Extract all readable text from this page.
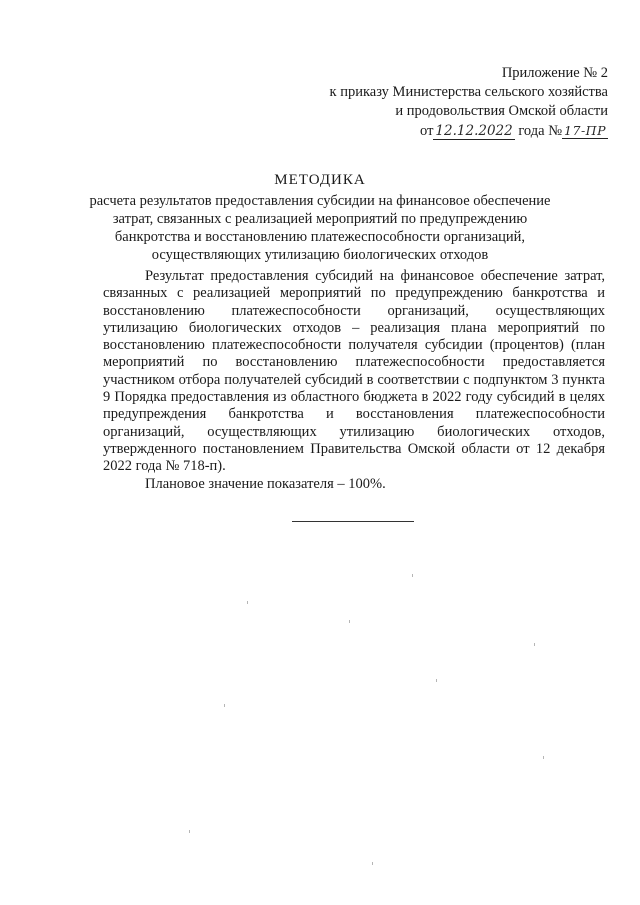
Приложение № 2
к приказу Министерства сельского хозяйства
и продовольствия Омской области
от 12.12.2022 года № 17-ПР
МЕТОДИКА
расчета результатов предоставления субсидии на финансовое обеспечение
затрат, связанных с реализацией мероприятий по предупреждению
банкротства и восстановлению платежеспособности организаций,
осуществляющих утилизацию биологических отходов

Результат предоставления субсидий на финансовое обеспечение затрат, связанных с реализацией мероприятий по предупреждению банкротства и восстановлению платежеспособности организаций, осуществляющих утилизацию биологических отходов – реализация плана мероприятий по восстановлению платежеспособности получателя субсидии (процентов) (план мероприятий по восстановлению платежеспособности предоставляется участником отбора получателей субсидий в соответствии с подпунктом 3 пункта 9 Порядка предоставления из областного бюджета в 2022 году субсидий в целях предупреждения банкротства и восстановления платежеспособности организаций, осуществляющих утилизацию биологических отходов, утвержденного постановлением Правительства Омской области от 12 декабря 2022 года № 718-п).

Плановое значение показателя – 100%.
